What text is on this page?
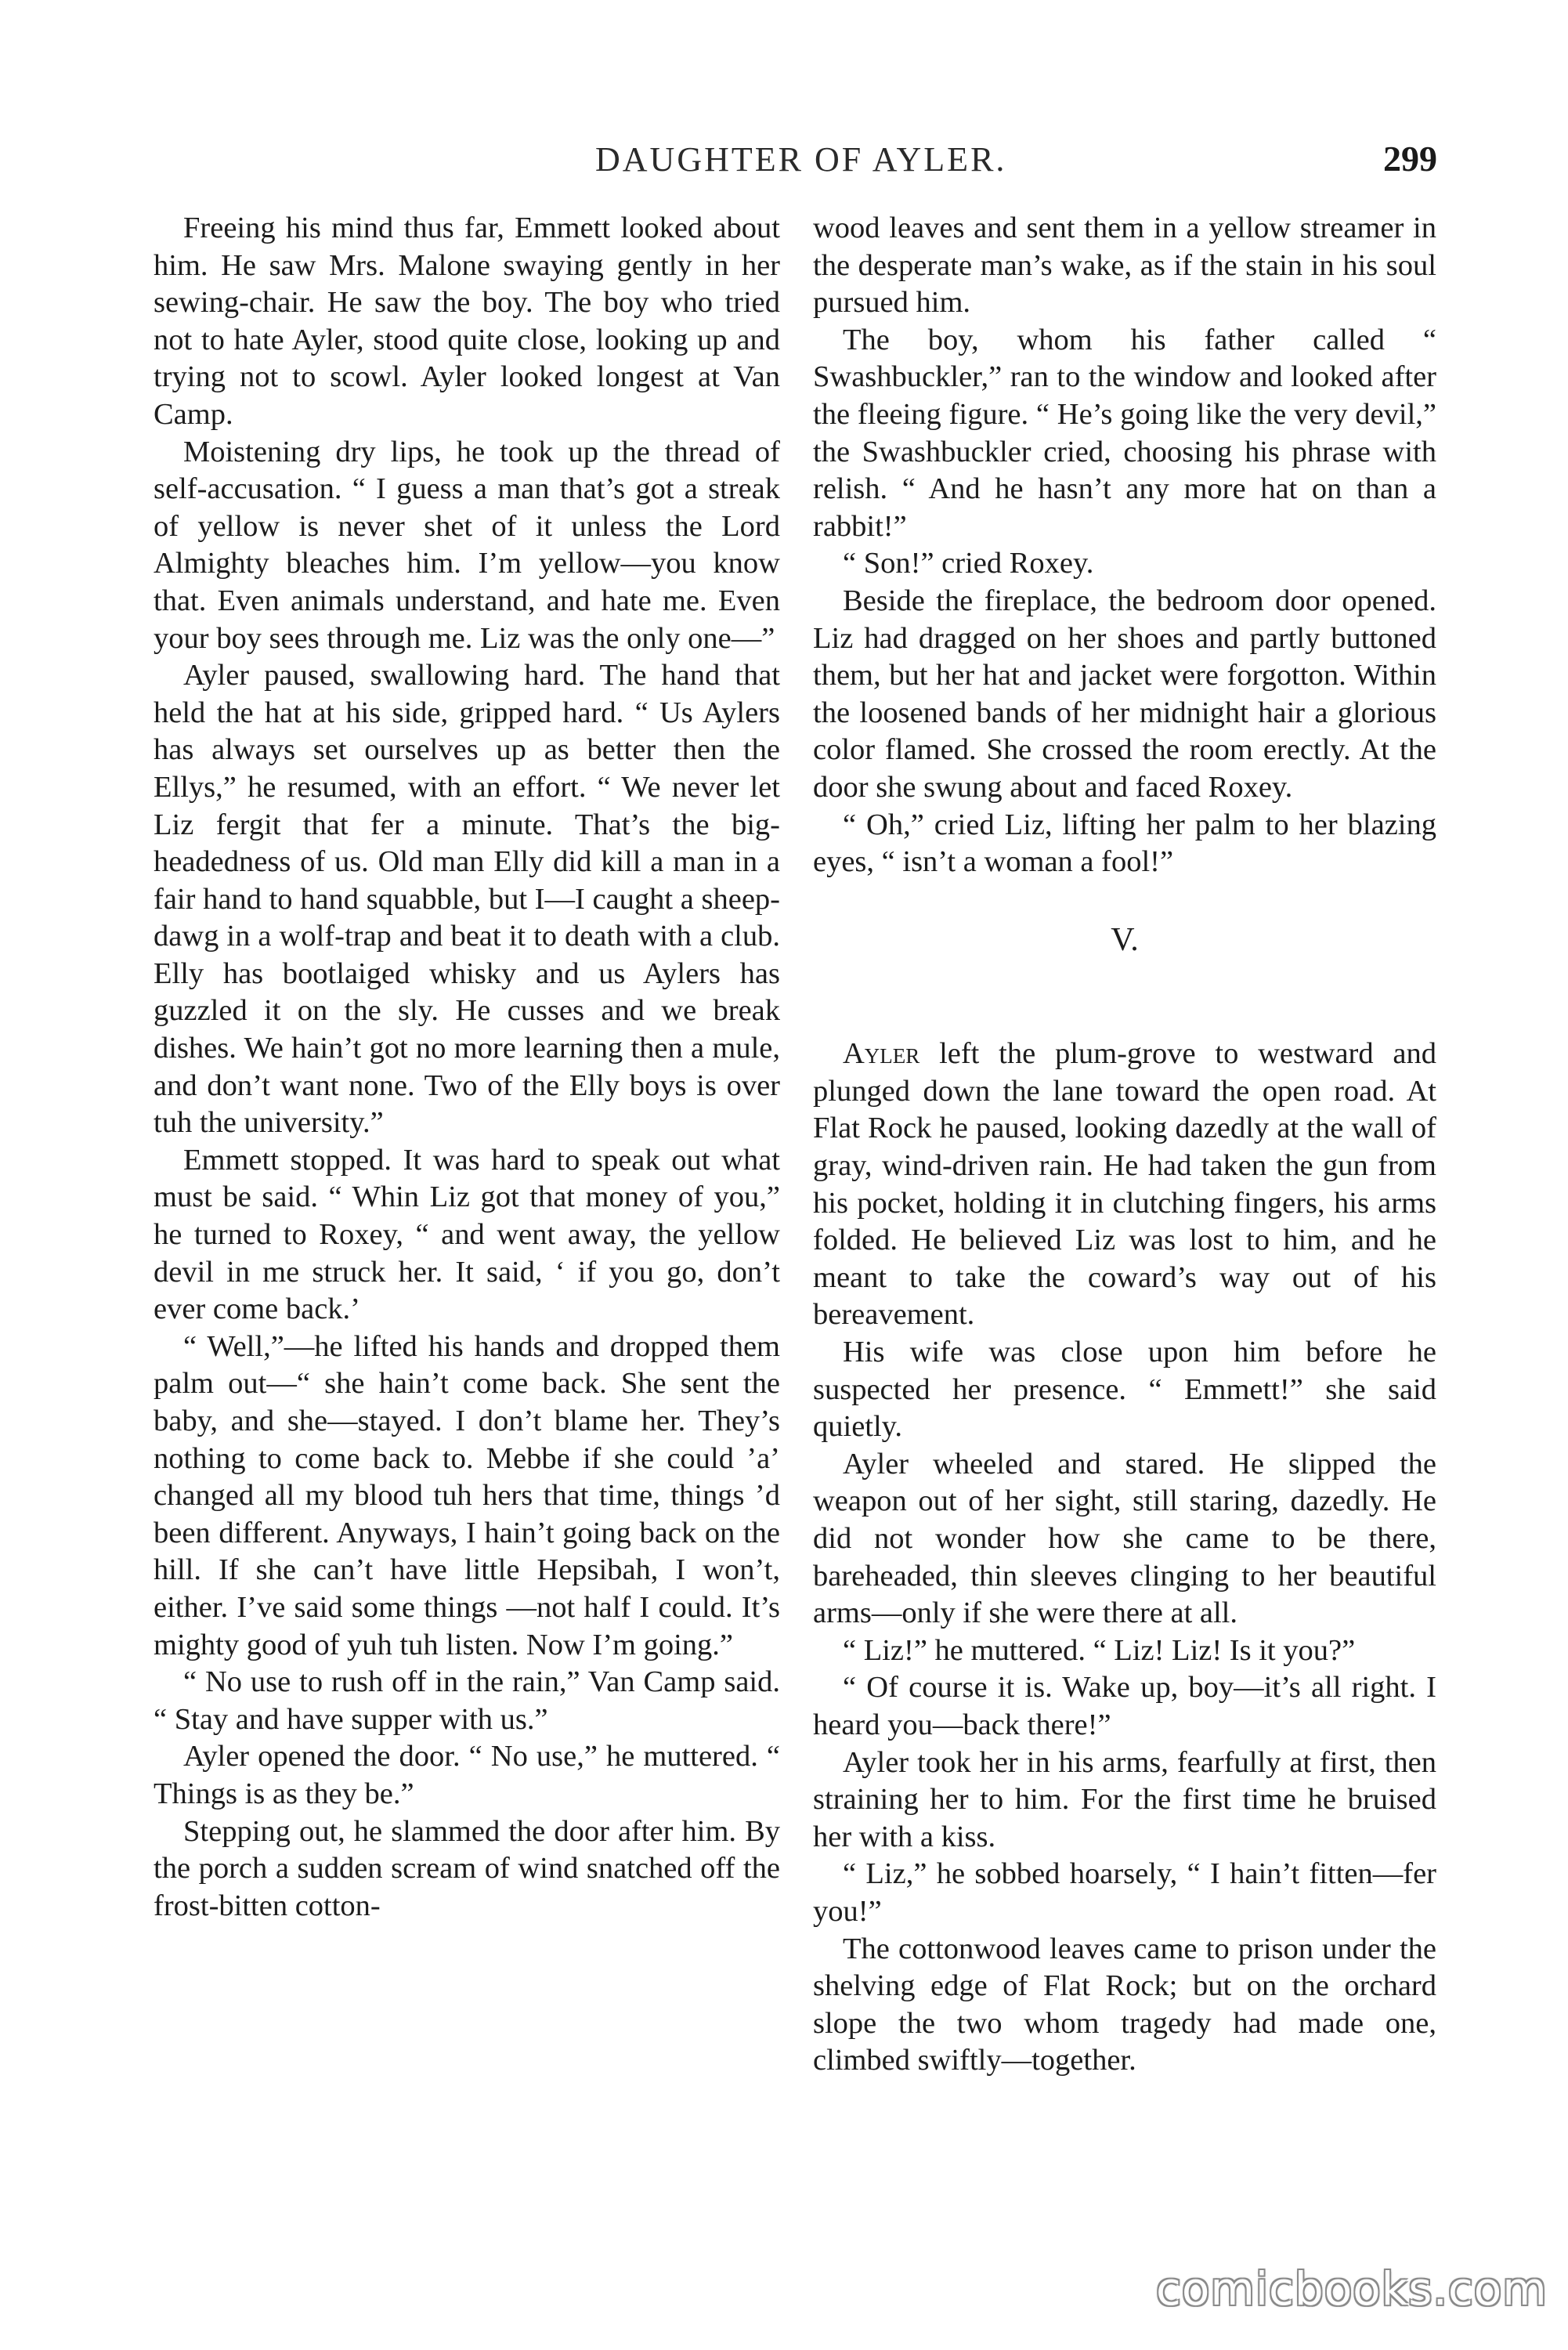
DAUGHTER OF AYLER.	299

Freeing his mind thus far, Emmett looked about him. He saw Mrs. Malone swaying gently in her sewing-chair. He saw the boy. The boy who tried not to hate Ayler, stood quite close, looking up and trying not to scowl. Ayler looked longest at Van Camp.

Moistening dry lips, he took up the thread of self-accusation. “ I guess a man that’s got a streak of yellow is never shet of it unless the Lord Almighty bleaches him. I’m yellow—you know that. Even animals understand, and hate me. Even your boy sees through me. Liz was the only one—”

Ayler paused, swallowing hard. The hand that held the hat at his side, gripped hard. “ Us Aylers has always set ourselves up as better then the Ellys,” he resumed, with an effort. “ We never let Liz fergit that fer a minute. That’s the big-headedness of us. Old man Elly did kill a man in a fair hand to hand squabble, but I—I caught a sheep-dawg in a wolf-trap and beat it to death with a club. Elly has bootlaiged whisky and us Aylers has guzzled it on the sly. He cusses and we break dishes. We hain’t got no more learning then a mule, and don’t want none. Two of the Elly boys is over tuh the university.”

Emmett stopped. It was hard to speak out what must be said. “ Whin Liz got that money of you,” he turned to Roxey, “ and went away, the yellow devil in me struck her. It said, ‘ if you go, don’t ever come back.’

“ Well,”—he lifted his hands and dropped them palm out—“ she hain’t come back. She sent the baby, and she—stayed. I don’t blame her. They’s nothing to come back to. Mebbe if she could ’a’ changed all my blood tuh hers that time, things ’d been different. Anyways, I hain’t going back on the hill. If she can’t have little Hepsibah, I won’t, either. I’ve said some things —not half I could. It’s mighty good of yuh tuh listen. Now I’m going.”

“ No use to rush off in the rain,” Van Camp said. “ Stay and have supper with us.”

Ayler opened the door. “ No use,” he muttered. “ Things is as they be.”

Stepping out, he slammed the door after him. By the porch a sudden scream of wind snatched off the frost-bitten cotton-

wood leaves and sent them in a yellow streamer in the desperate man’s wake, as if the stain in his soul pursued him.

The boy, whom his father called “ Swashbuckler,” ran to the window and looked after the fleeing figure. “ He’s going like the very devil,” the Swashbuckler cried, choosing his phrase with relish. “ And he hasn’t any more hat on than a rabbit!”

“ Son!” cried Roxey.

Beside the fireplace, the bedroom door opened. Liz had dragged on her shoes and partly buttoned them, but her hat and jacket were forgotton. Within the loosened bands of her midnight hair a glorious color flamed. She crossed the room erectly. At the door she swung about and faced Roxey.

“ Oh,” cried Liz, lifting her palm to her blazing eyes, “ isn’t a woman a fool!”

V.

Ayler left the plum-grove to westward and plunged down the lane toward the open road. At Flat Rock he paused, looking dazedly at the wall of gray, wind-driven rain. He had taken the gun from his pocket, holding it in clutching fingers, his arms folded. He believed Liz was lost to him, and he meant to take the coward’s way out of his bereavement.

His wife was close upon him before he suspected her presence. “ Emmett!” she said quietly.

Ayler wheeled and stared. He slipped the weapon out of her sight, still staring, dazedly. He did not wonder how she came to be there, bareheaded, thin sleeves clinging to her beautiful arms—only if she were there at all.

“ Liz!” he muttered. “ Liz! Liz! Is it you?”

“ Of course it is. Wake up, boy—it’s all right. I heard you—back there!”

Ayler took her in his arms, fearfully at first, then straining her to him. For the first time he bruised her with a kiss.

“ Liz,” he sobbed hoarsely, “ I hain’t fitten—fer you!”

The cottonwood leaves came to prison under the shelving edge of Flat Rock; but on the orchard slope the two whom tragedy had made one, climbed swiftly—together.

comicbooks.com
